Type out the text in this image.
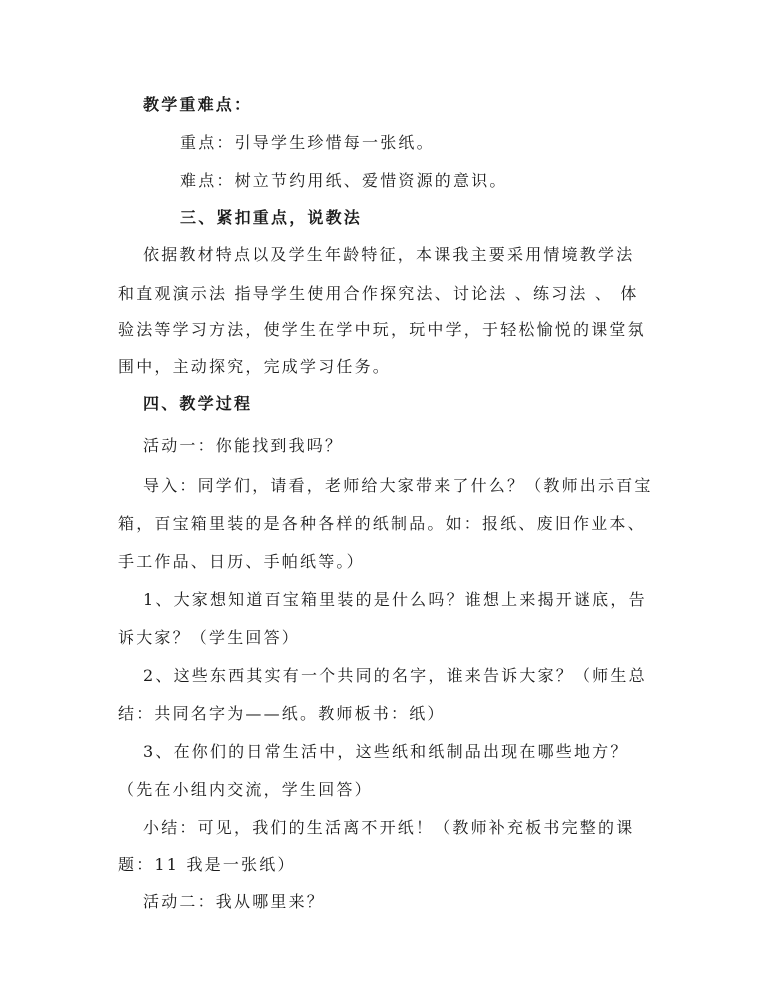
教学重难点：
重点：引导学生珍惜每一张纸。
难点：树立节约用纸、爱惜资源的意识。
三、紧扣重点，说教法
依据教材特点以及学生年龄特征，本课我主要采用情境教学法
和直观演示法 指导学生使用合作探究法、讨论法 、练习法 、 体
验法等学习方法，使学生在学中玩，玩中学，于轻松愉悦的课堂氛
围中，主动探究，完成学习任务。
四、教学过程
活动一：你能找到我吗？
导入：同学们，请看，老师给大家带来了什么？（教师出示百宝
箱，百宝箱里装的是各种各样的纸制品。如：报纸、废旧作业本、
手工作品、日历、手帕纸等。）
1、大家想知道百宝箱里装的是什么吗？谁想上来揭开谜底，告
诉大家？（学生回答）
2、这些东西其实有一个共同的名字，谁来告诉大家？（师生总
结：共同名字为——纸。教师板书：纸）
3、在你们的日常生活中，这些纸和纸制品出现在哪些地方？
（先在小组内交流，学生回答）
小结：可见，我们的生活离不开纸！（教师补充板书完整的课
题：11 我是一张纸）
活动二：我从哪里来？
